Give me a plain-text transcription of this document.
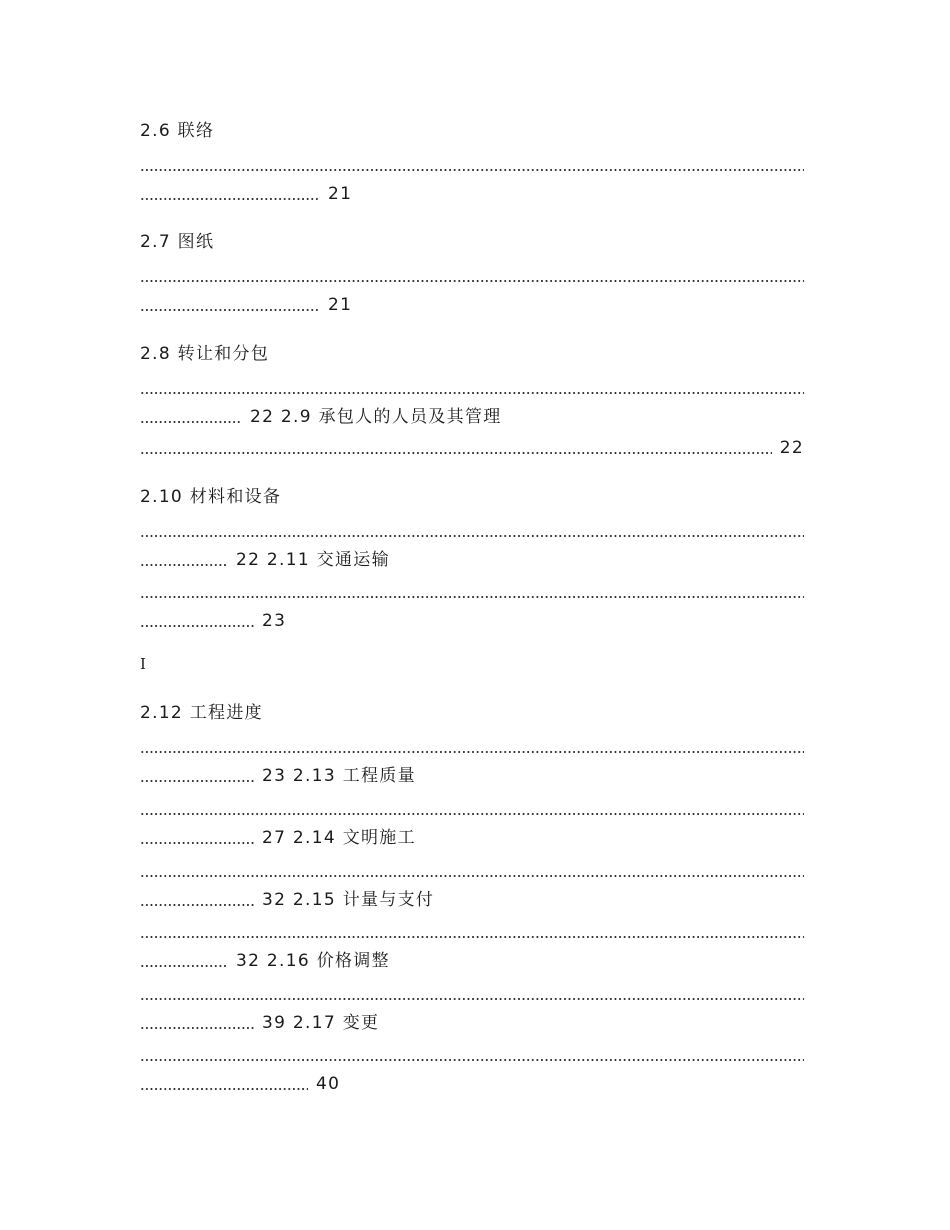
2.6 联络
21
2.7 图纸
21
2.8 转让和分包
22 2.9 承包人的人员及其管理
22
2.10 材料和设备
22 2.11 交通运输
23
I
2.12 工程进度
23 2.13 工程质量
27 2.14 文明施工
32 2.15 计量与支付
32 2.16 价格调整
39 2.17 变更
40
